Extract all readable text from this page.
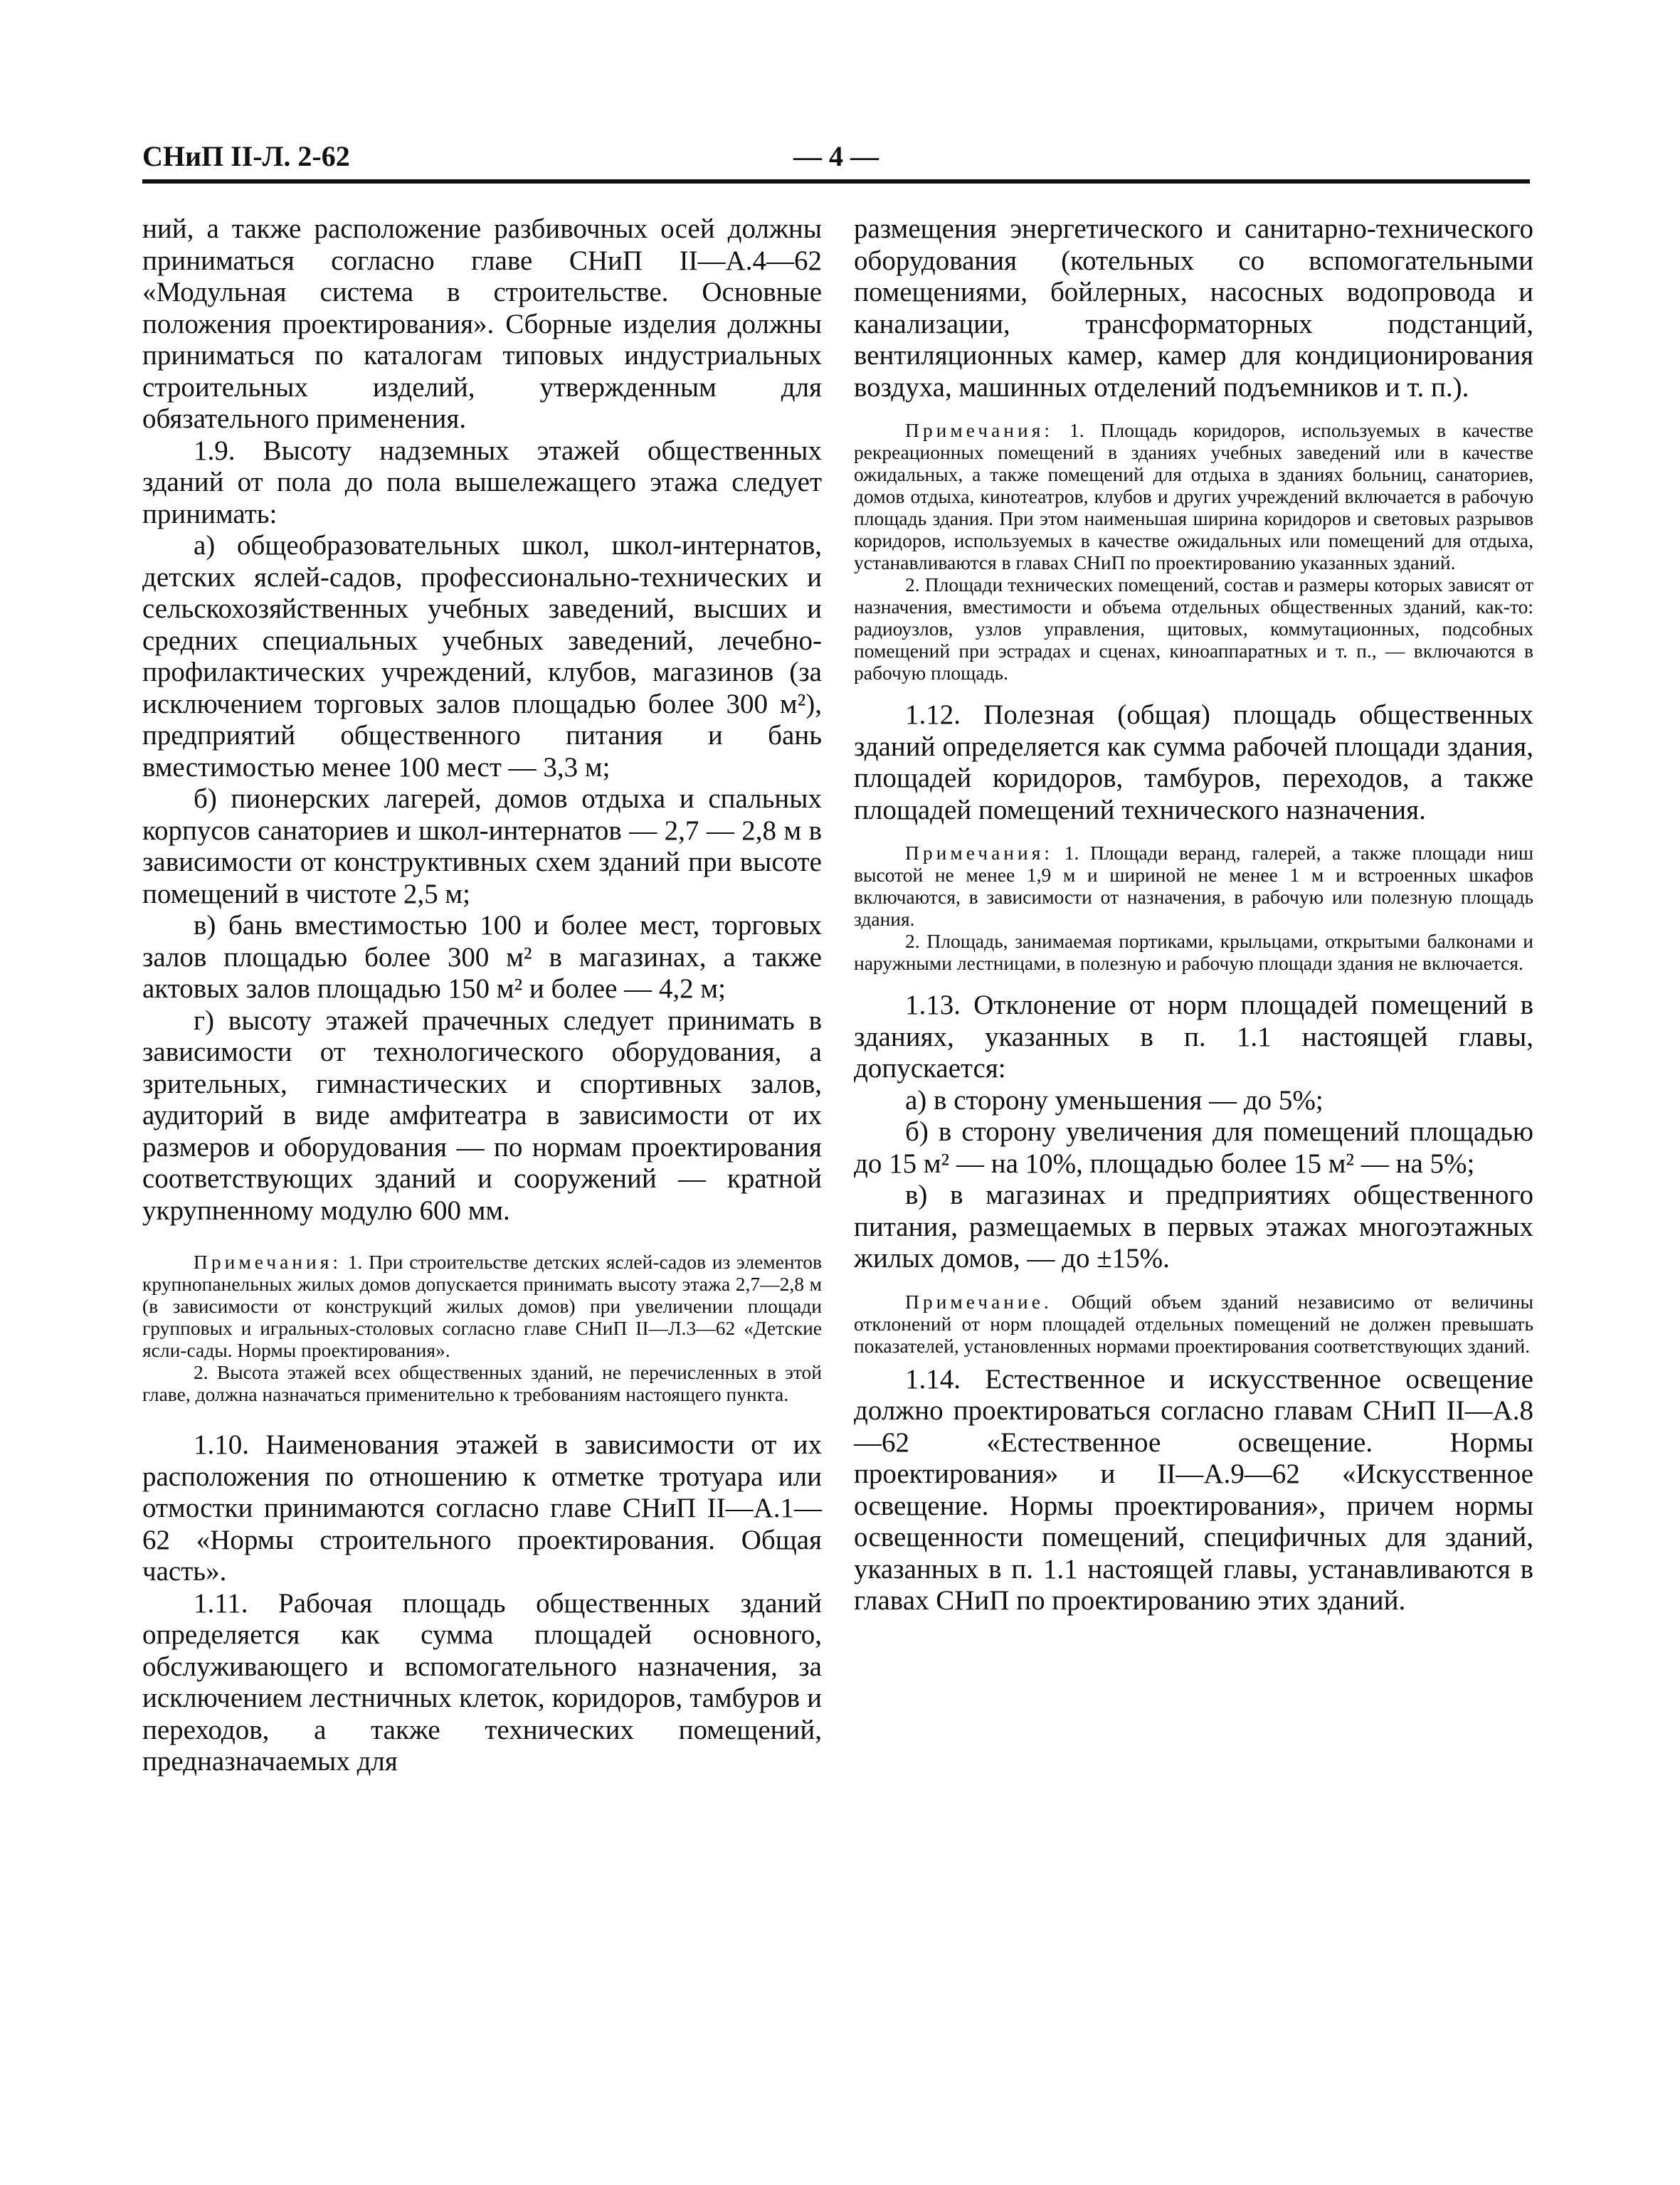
СНиП II-Л. 2-62	— 4 —

ний, а также расположение разбивочных осей должны приниматься согласно главе СНиП II—А.4—62 «Модульная система в строительстве. Основные положения проектирования». Сборные изделия должны приниматься по каталогам типовых индустриальных строительных изделий, утвержденным для обязательного применения.

1.9. Высоту надземных этажей общественных зданий от пола до пола вышележащего этажа следует принимать:

а) общеобразовательных школ, школ-интернатов, детских яслей-садов, профессионально-технических и сельскохозяйственных учебных заведений, высших и средних специальных учебных заведений, лечебно-профилактических учреждений, клубов, магазинов (за исключением торговых залов площадью более 300 м²), предприятий общественного питания и бань вместимостью менее 100 мест — 3,3 м;

б) пионерских лагерей, домов отдыха и спальных корпусов санаториев и школ-интернатов — 2,7 — 2,8 м в зависимости от конструктивных схем зданий при высоте помещений в чистоте 2,5 м;

в) бань вместимостью 100 и более мест, торговых залов площадью более 300 м² в магазинах, а также актовых залов площадью 150 м² и более — 4,2 м;

г) высоту этажей прачечных следует принимать в зависимости от технологического оборудования, а зрительных, гимнастических и спортивных залов, аудиторий в виде амфитеатра в зависимости от их размеров и оборудования — по нормам проектирования соответствующих зданий и сооружений — кратной укрупненному модулю 600 мм.

Примечания: 1. При строительстве детских яслей-садов из элементов крупнопанельных жилых домов допускается принимать высоту этажа 2,7—2,8 м (в зависимости от конструкций жилых домов) при увеличении площади групповых и игральных-столовых согласно главе СНиП II—Л.3—62 «Детские ясли-сады. Нормы проектирования».

2. Высота этажей всех общественных зданий, не перечисленных в этой главе, должна назначаться применительно к требованиям настоящего пункта.

1.10. Наименования этажей в зависимости от их расположения по отношению к отметке тротуара или отмостки принимаются согласно главе СНиП II—А.1—62 «Нормы строительного проектирования. Общая часть».

1.11. Рабочая площадь общественных зданий определяется как сумма площадей основного, обслуживающего и вспомогательного назначения, за исключением лестничных клеток, коридоров, тамбуров и переходов, а также технических помещений, предназначаемых для

размещения энергетического и санитарно-технического оборудования (котельных со вспомогательными помещениями, бойлерных, насосных водопровода и канализации, трансформаторных подстанций, вентиляционных камер, камер для кондиционирования воздуха, машинных отделений подъемников и т. п.).

Примечания: 1. Площадь коридоров, используемых в качестве рекреационных помещений в зданиях учебных заведений или в качестве ожидальных, а также помещений для отдыха в зданиях больниц, санаториев, домов отдыха, кинотеатров, клубов и других учреждений включается в рабочую площадь здания. При этом наименьшая ширина коридоров и световых разрывов коридоров, используемых в качестве ожидальных или помещений для отдыха, устанавливаются в главах СНиП по проектированию указанных зданий.

2. Площади технических помещений, состав и размеры которых зависят от назначения, вместимости и объема отдельных общественных зданий, как-то: радиоузлов, узлов управления, щитовых, коммутационных, подсобных помещений при эстрадах и сценах, киноаппаратных и т. п., — включаются в рабочую площадь.

1.12. Полезная (общая) площадь общественных зданий определяется как сумма рабочей площади здания, площадей коридоров, тамбуров, переходов, а также площадей помещений технического назначения.

Примечания: 1. Площади веранд, галерей, а также площади ниш высотой не менее 1,9 м и шириной не менее 1 м и встроенных шкафов включаются, в зависимости от назначения, в рабочую или полезную площадь здания.

2. Площадь, занимаемая портиками, крыльцами, открытыми балконами и наружными лестницами, в полезную и рабочую площади здания не включается.

1.13. Отклонение от норм площадей помещений в зданиях, указанных в п. 1.1 настоящей главы, допускается:

а) в сторону уменьшения — до 5%;

б) в сторону увеличения для помещений площадью до 15 м² — на 10%, площадью более 15 м² — на 5%;

в) в магазинах и предприятиях общественного питания, размещаемых в первых этажах многоэтажных жилых домов, — до ±15%.

Примечание. Общий объем зданий независимо от величины отклонений от норм площадей отдельных помещений не должен превышать показателей, установленных нормами проектирования соответствующих зданий.

1.14. Естественное и искусственное освещение должно проектироваться согласно главам СНиП II—А.8—62 «Естественное освещение. Нормы проектирования» и II—А.9—62 «Искусственное освещение. Нормы проектирования», причем нормы освещенности помещений, специфичных для зданий, указанных в п. 1.1 настоящей главы, устанавливаются в главах СНиП по проектированию этих зданий.
